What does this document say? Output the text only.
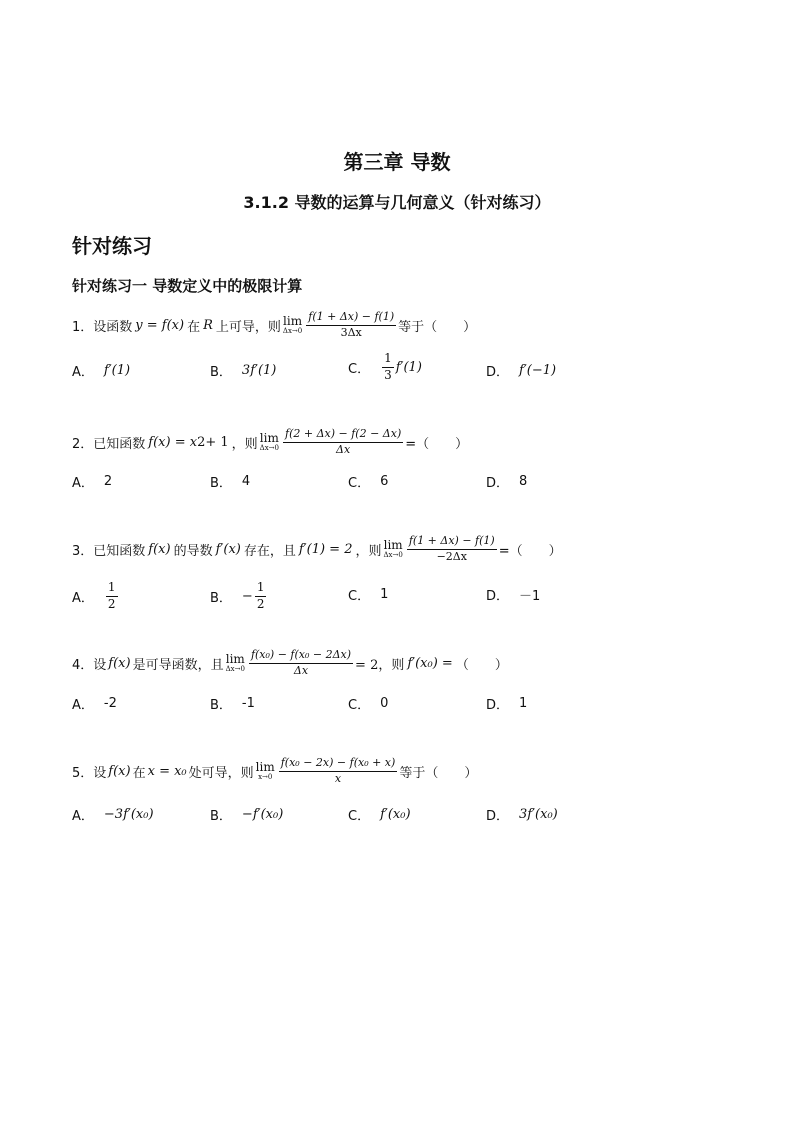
第三章 导数
3.1.2 导数的运算与几何意义（针对练习）
针对练习
针对练习一 导数定义中的极限计算
1． 设函数 y = f(x) 在 R 上可导，则 lim
$\Delta x\to 0 \frac{f(1 + \Delta x) - f(1)}{3\Delta x}$ 等于（　　）
A． f′(1)	B． 3f′(1)	C． $\frac{1}{3} f'(1)$	D． f′(−1)
2． 已知函数 f(x) = x 2 + 1 ，则 lim
$\Delta x\to 0 \frac{f(2 + \Delta x) - f(2 - \Delta x)}{\Delta x}$ =（　　）
A． 2	B． 4	C． 6	D． 8
3． 已知函数 f(x) 的导数 f′(x) 存在，且 f′(1) = 2 ，则 lim
$\Delta x\to 0 \frac{f(1 + \Delta x) - f(1)}{-2\Delta x}$ =（　　）
A． $\frac{1}{2}$	B． − $\frac{1}{2}$	C． 1	D． －1
4． 设 f(x) 是可导函数，且 lim
$\Delta x\to 0 \frac{\text{f(x₀) − f(x₀ − 2Δx)}}{\Delta x} = 2$，则 f′(x₀) = （　　）
A． -2	B． -1	C． 0	D． 1
5． 设 f(x) 在 x = x₀ 处可导，则 lim
$x\to 0 \frac{\text{f(x₀ − 2x) − f(x₀ + x)}}{x}$ 等于（　　）
A． −3f′(x₀)	B． −f′(x₀)	C． f′(x₀)	D． 3f′(x₀)
